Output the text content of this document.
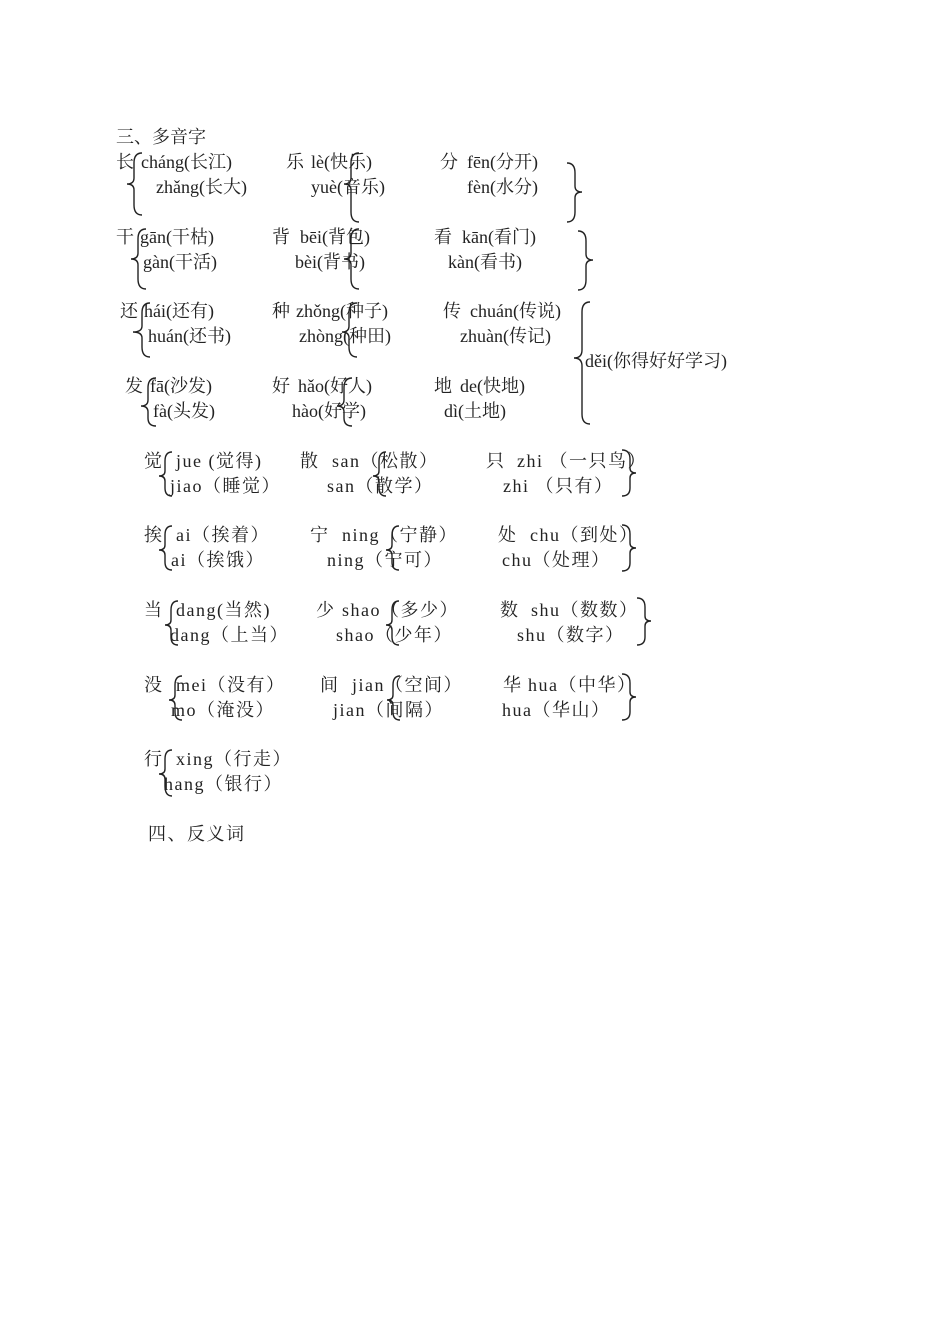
三、多音字
长 cháng(长江)
zhǎng(长大)
乐 lè(快乐)
yuè(音乐)
分 fēn(分开)
fèn(水分)
干 gān(干枯)
gàn(干活)
背 bēi(背包)
bèi(背书)
看 kān(看门)
kàn(看书)
还 hái(还有)
huán(还书)
种 zhǒng(种子)
zhòng(种田)
传 chuán(传说)
zhuàn(传记)
děi(你得好好学习)
发 fā(沙发)
fà(头发)
好 hǎo(好人)
hào(好学)
地 de(快地)
dì(土地)
觉 jue (觉得)
jiao（睡觉）
散 san（松散）
san（散学）
只 zhi （一只鸟）
zhi （只有）
挨 ai（挨着）
ai（挨饿）
宁 ning（宁静）
ning（宁可）
处 chu（到处）
chu（处理）
当 dang(当然)
dang（上当）
少 shao（多少）
shao（少年）
数 shu（数数）
shu（数字）
没 mei（没有）
mo（淹没）
间 jian（空间）
jian（间隔）
华 hua（中华）
hua（华山）
行 xing（行走）
hang（银行）
四、反义词
